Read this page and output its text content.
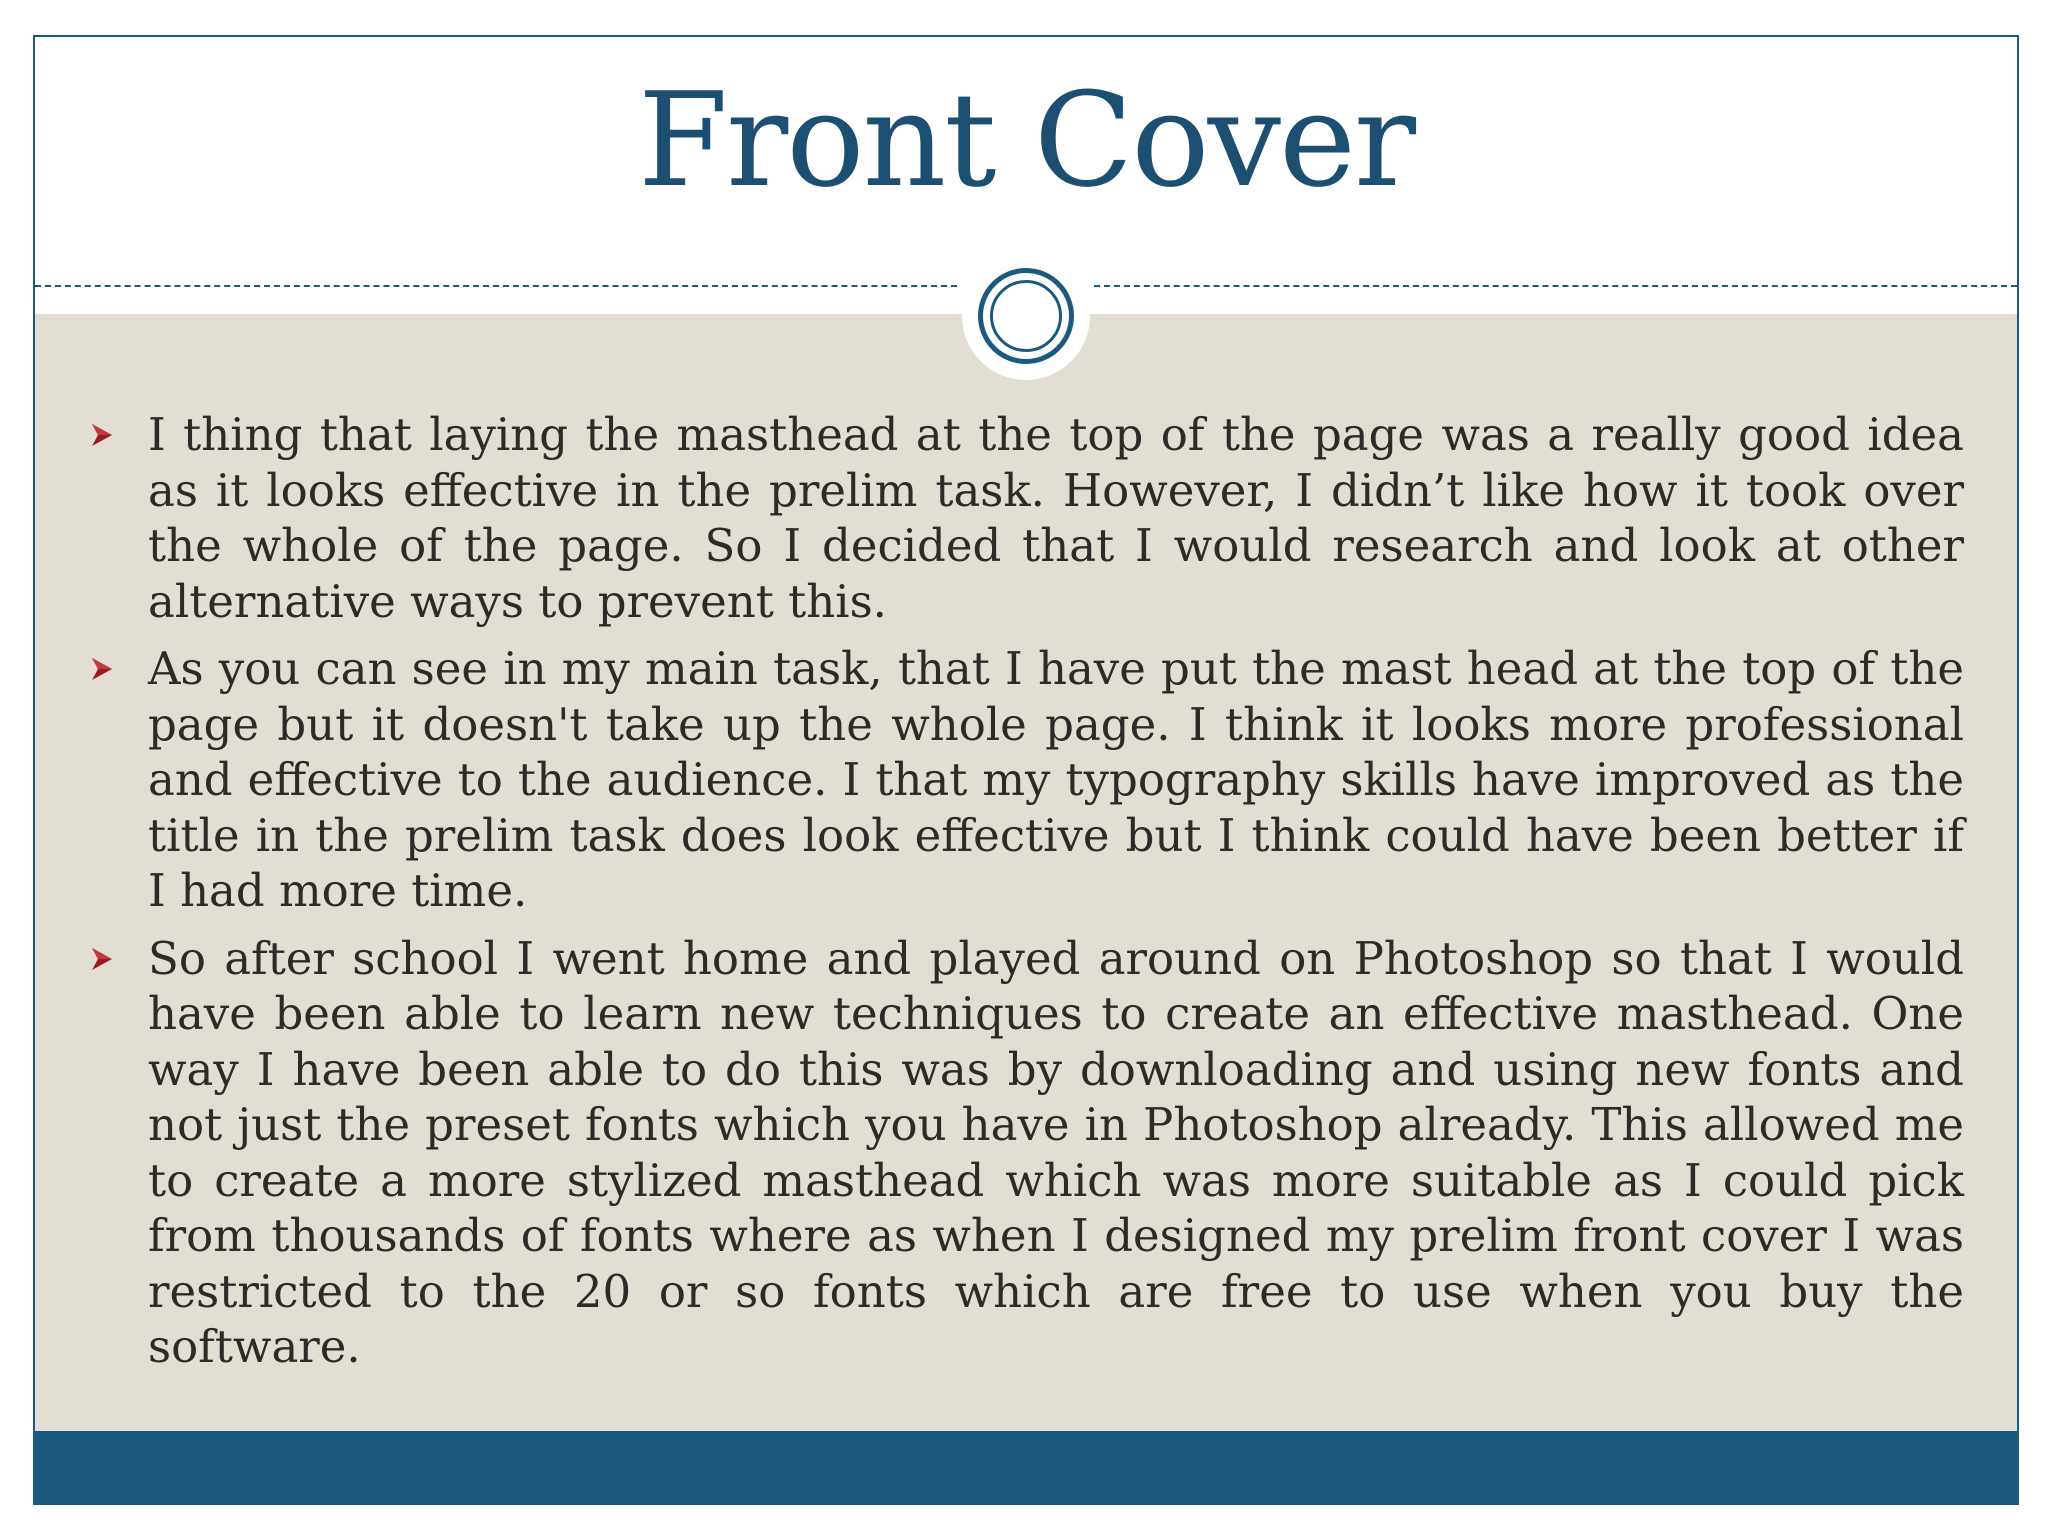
Front Cover
I thing that laying the masthead at the top of the page was a really good idea as it looks effective in the prelim task. However, I didn’t like how it took over the whole of the page. So I decided that I would research and look at other alternative ways to prevent this.
As you can see in my main task, that I have put the mast head at the top of the page but it doesn't take up the whole page. I think it looks more professional and effective to the audience. I that my typography skills have improved as the title in the prelim task does look effective but I think could have been better if I had more time.
So after school I went home and played around on Photoshop so that I would have been able to learn new techniques to create an effective masthead. One way I have been able to do this was by downloading and using new fonts and not just the preset fonts which you have in Photoshop already. This allowed me to create a more stylized masthead which was more suitable as I could pick from thousands of fonts where as when I designed my prelim front cover I was restricted to the 20 or so fonts which are free to use when you buy the software.
